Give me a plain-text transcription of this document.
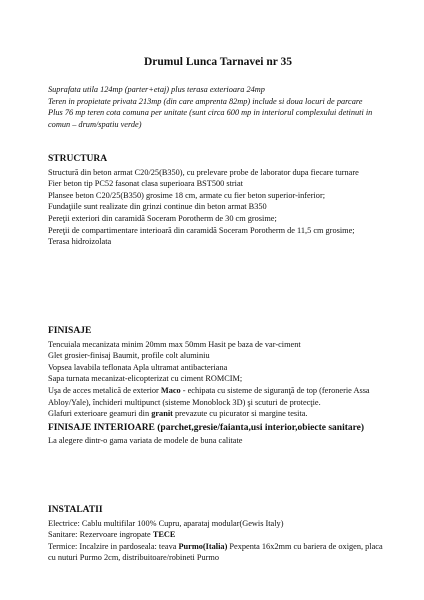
Drumul Lunca Tarnavei nr 35

Suprafata utila 124mp (parter+etaj) plus terasa exterioara 24mp

Teren in propietate privata 213mp (din care amprenta 82mp) include si doua locuri de parcare

Plus 76 mp teren cota comuna per unitate (sunt circa 600 mp in interiorul complexului detinuti in comun – drum/spatiu verde)

STRUCTURA

Structură din beton armat C20/25(B350), cu prelevare probe de laborator dupa fiecare turnare

Fier beton tip PC52 fasonat clasa superioara BST500 striat

Plansee beton C20/25(B350) grosime 18 cm, armate cu fier beton superior-inferior;

Fundaţiile sunt realizate din grinzi continue din beton armat B350

Pereţii exteriori din caramidă Soceram Porotherm de 30 cm grosime;

Pereţii de compartimentare interioară din caramidă Soceram Porotherm de 11,5 cm grosime;

Terasa hidroizolata

FINISAJE

Tencuiala mecanizata minim 20mm max 50mm Hasit pe baza de var-ciment

Glet grosier-finisaj Baumit, profile colt aluminiu

Vopsea lavabila teflonata Apla ultramat antibacteriana

Sapa turnata mecanizat-elicopterizat cu ciment ROMCIM;

Uşa de acces metalică de exterior Maco - echipata cu sisteme de siguranţă de top (feronerie Assa Abloy/Yale), închideri multipunct (sisteme Monoblock 3D) şi scuturi de protecţie.

Glafuri exterioare geamuri din granit prevazute cu picurator si margine tesita.

FINISAJE INTERIOARE (parchet,gresie/faianta,usi interior,obiecte sanitare)

La alegere dintr-o gama variata de modele de buna calitate

INSTALATII

Electrice: Cablu multifilar 100% Cupru, aparataj modular(Gewis Italy)

Sanitare: Rezervoare ingropate TECE

Termice: Incalzire in pardoseala: teava Purmo(Italia) Pexpenta 16x2mm cu bariera de oxigen, placa cu nuturi Purmo 2cm, distribuitoare/robineti Purmo
